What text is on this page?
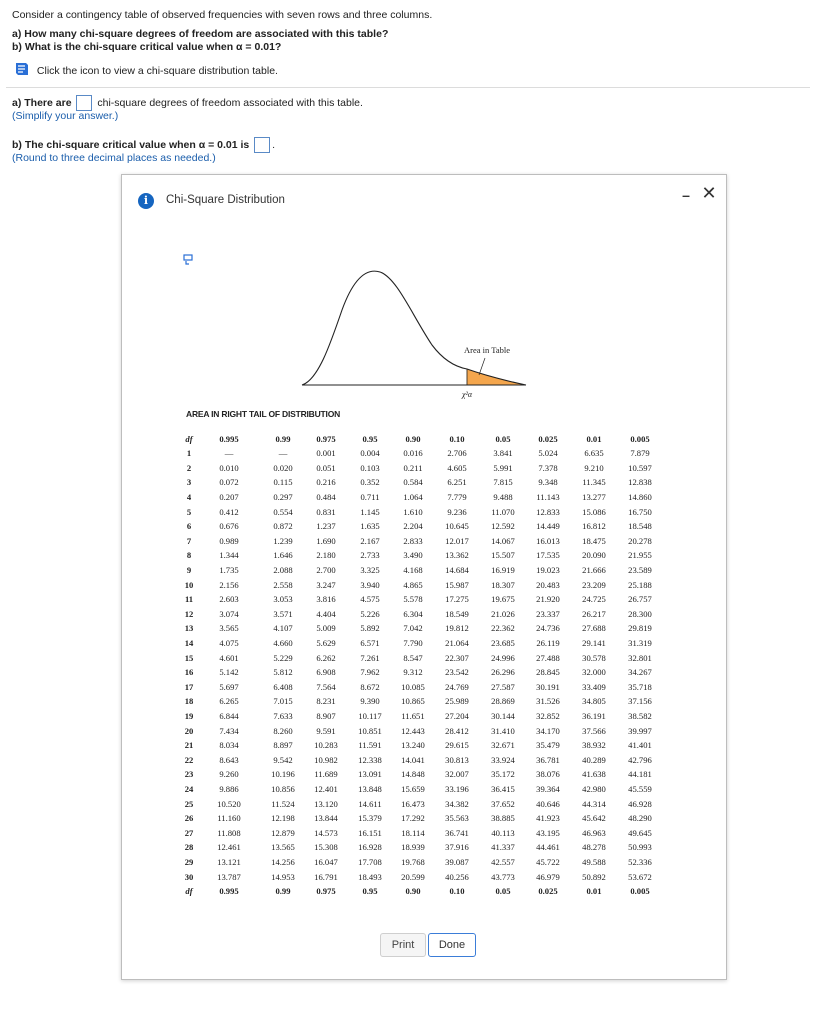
Consider a contingency table of observed frequencies with seven rows and three columns.
a) How many chi-square degrees of freedom are associated with this table?
b) What is the chi-square critical value when α = 0.01?
Click the icon to view a chi-square distribution table.
a) There are chi-square degrees of freedom associated with this table.
(Simplify your answer.)
b) The chi-square critical value when α = 0.01 is .
(Round to three decimal places as needed.)
i	Chi-Square Distribution	– ✕
Area in Table
χ²α
AREA IN RIGHT TAIL OF DISTRIBUTION
df	0.995	0.99	0.975	0.95	0.90	0.10	0.05	0.025	0.01	0.005
1	—	—	0.001	0.004	0.016	2.706	3.841	5.024	6.635	7.879
2	0.010	0.020	0.051	0.103	0.211	4.605	5.991	7.378	9.210	10.597
3	0.072	0.115	0.216	0.352	0.584	6.251	7.815	9.348	11.345	12.838
4	0.207	0.297	0.484	0.711	1.064	7.779	9.488	11.143	13.277	14.860
5	0.412	0.554	0.831	1.145	1.610	9.236	11.070	12.833	15.086	16.750
6	0.676	0.872	1.237	1.635	2.204	10.645	12.592	14.449	16.812	18.548
7	0.989	1.239	1.690	2.167	2.833	12.017	14.067	16.013	18.475	20.278
8	1.344	1.646	2.180	2.733	3.490	13.362	15.507	17.535	20.090	21.955
9	1.735	2.088	2.700	3.325	4.168	14.684	16.919	19.023	21.666	23.589
10	2.156	2.558	3.247	3.940	4.865	15.987	18.307	20.483	23.209	25.188
11	2.603	3.053	3.816	4.575	5.578	17.275	19.675	21.920	24.725	26.757
12	3.074	3.571	4.404	5.226	6.304	18.549	21.026	23.337	26.217	28.300
13	3.565	4.107	5.009	5.892	7.042	19.812	22.362	24.736	27.688	29.819
14	4.075	4.660	5.629	6.571	7.790	21.064	23.685	26.119	29.141	31.319
15	4.601	5.229	6.262	7.261	8.547	22.307	24.996	27.488	30.578	32.801
16	5.142	5.812	6.908	7.962	9.312	23.542	26.296	28.845	32.000	34.267
17	5.697	6.408	7.564	8.672	10.085	24.769	27.587	30.191	33.409	35.718
18	6.265	7.015	8.231	9.390	10.865	25.989	28.869	31.526	34.805	37.156
19	6.844	7.633	8.907	10.117	11.651	27.204	30.144	32.852	36.191	38.582
20	7.434	8.260	9.591	10.851	12.443	28.412	31.410	34.170	37.566	39.997
21	8.034	8.897	10.283	11.591	13.240	29.615	32.671	35.479	38.932	41.401
22	8.643	9.542	10.982	12.338	14.041	30.813	33.924	36.781	40.289	42.796
23	9.260	10.196	11.689	13.091	14.848	32.007	35.172	38.076	41.638	44.181
24	9.886	10.856	12.401	13.848	15.659	33.196	36.415	39.364	42.980	45.559
25	10.520	11.524	13.120	14.611	16.473	34.382	37.652	40.646	44.314	46.928
26	11.160	12.198	13.844	15.379	17.292	35.563	38.885	41.923	45.642	48.290
27	11.808	12.879	14.573	16.151	18.114	36.741	40.113	43.195	46.963	49.645
28	12.461	13.565	15.308	16.928	18.939	37.916	41.337	44.461	48.278	50.993
29	13.121	14.256	16.047	17.708	19.768	39.087	42.557	45.722	49.588	52.336
30	13.787	14.953	16.791	18.493	20.599	40.256	43.773	46.979	50.892	53.672
df	0.995	0.99	0.975	0.95	0.90	0.10	0.05	0.025	0.01	0.005
Print	Done
